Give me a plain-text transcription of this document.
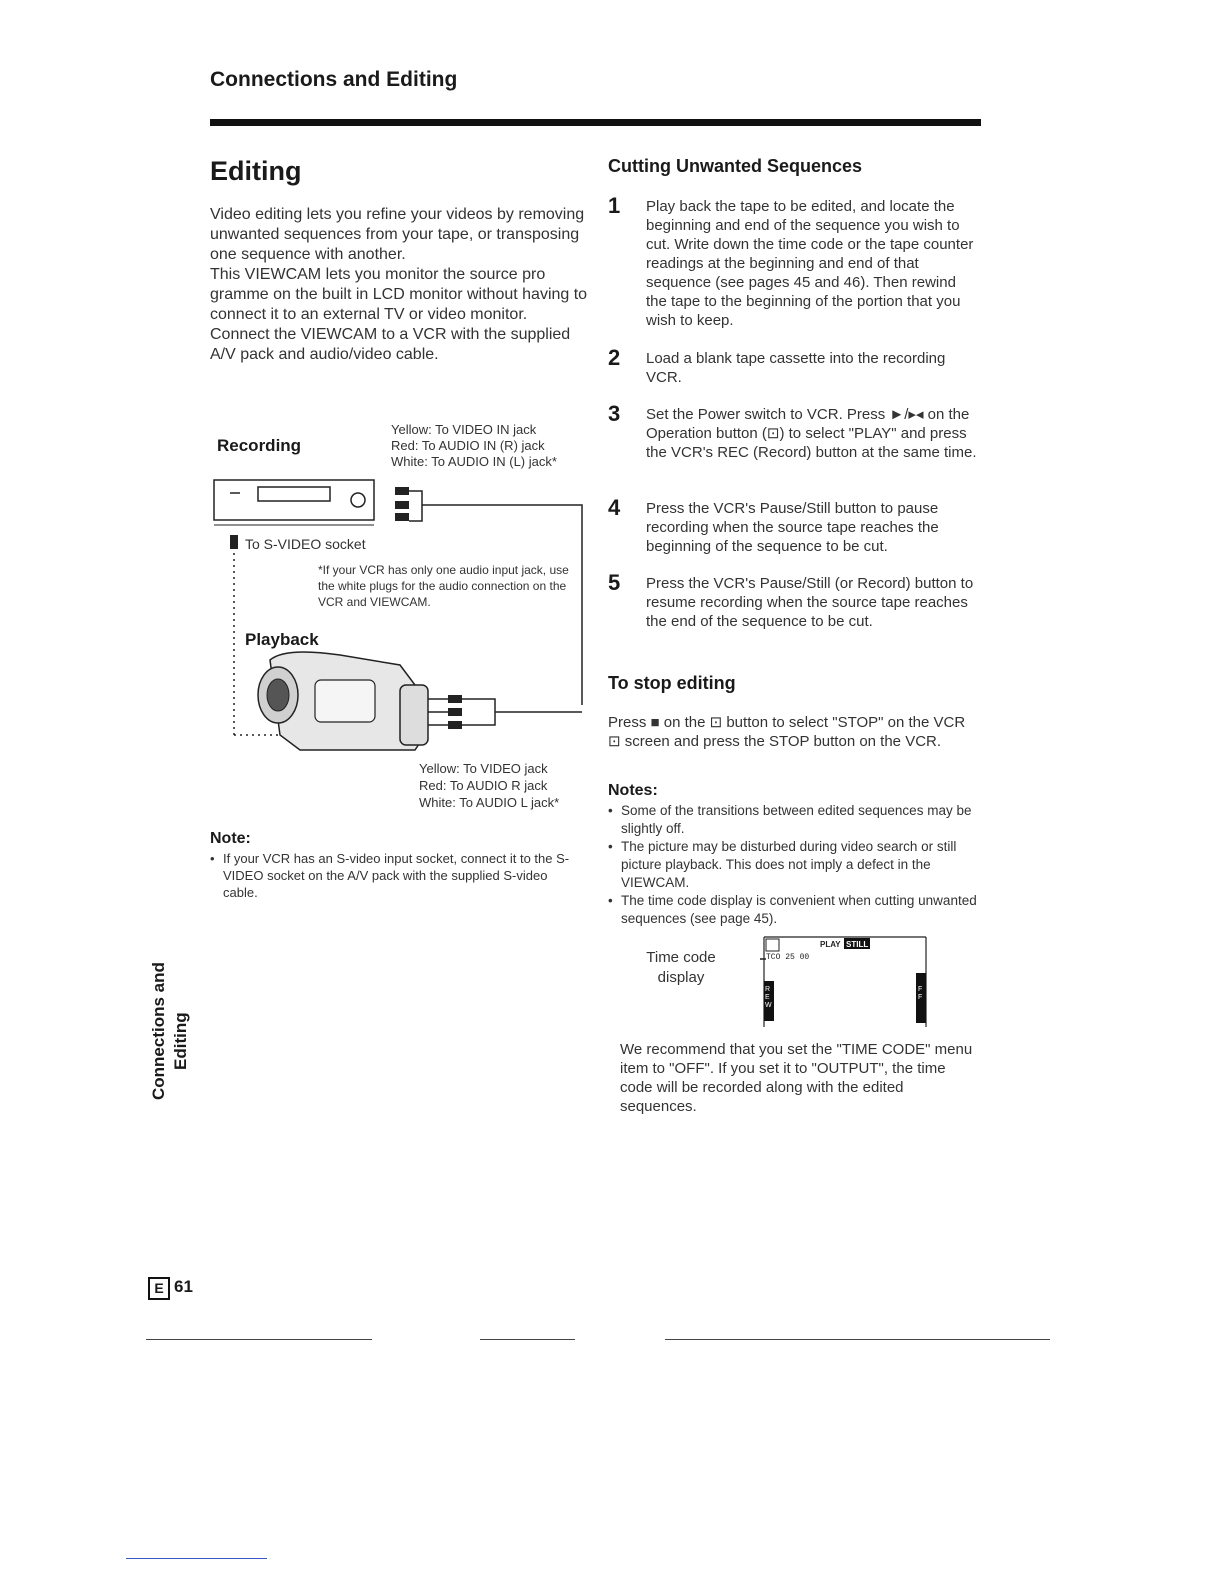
Connections and Editing
Editing

Video editing lets you refine your videos by removing unwanted sequences from your tape, or transposing one sequence with another.

This VIEWCAM lets you monitor the source pro gramme on the built in LCD monitor without having to connect it to an external TV or video monitor.

Connect the VIEWCAM to a VCR with the supplied A/V pack and audio/video cable.

Recording
Yellow: To VIDEO IN jack
Red: To AUDIO IN (R) jack
White: To AUDIO IN (L) jack*
To S-VIDEO socket
*If your VCR has only one audio input jack, use the white plugs for the audio connection on the VCR and VIEWCAM.
Playback
Yellow: To VIDEO jack
Red: To AUDIO R jack
White: To AUDIO L jack*
Note:
• If your VCR has an S-video input socket, connect it to the S-VIDEO socket on the A/V pack with the supplied S-video cable.
Cutting Unwanted Sequences
1 Play back the tape to be edited, and locate the beginning and end of the sequence you wish to cut. Write down the time code or the tape counter readings at the beginning and end of that sequence (see pages 45 and 46). Then rewind the tape to the beginning of the portion that you wish to keep.
2 Load a blank tape cassette into the recording VCR.
3 Set the Power switch to VCR. Press ►/▸◂ on the Operation button (⊡) to select "PLAY" and press the VCR's REC (Record) button at the same time.
4 Press the VCR's Pause/Still button to pause recording when the source tape reaches the beginning of the sequence to be cut.
5 Press the VCR's Pause/Still (or Record) button to resume recording when the source tape reaches the end of the sequence to be cut.
To stop editing
Press ■ on the ⊡ button to select "STOP" on the VCR ⊡ screen and press the STOP button on the VCR.
Notes:
• Some of the transitions between edited sequences may be slightly off.
• The picture may be disturbed during video search or still picture playback. This does not imply a defect in the VIEWCAM.
• The time code display is convenient when cutting unwanted sequences (see page 45).
Time code
display
PLAY STILL
TCO 25 00
R E W
F F
We recommend that you set the "TIME CODE" menu item to "OFF". If you set it to "OUTPUT", the time code will be recorded along with the edited sequences.
Connections and Editing
E 61
